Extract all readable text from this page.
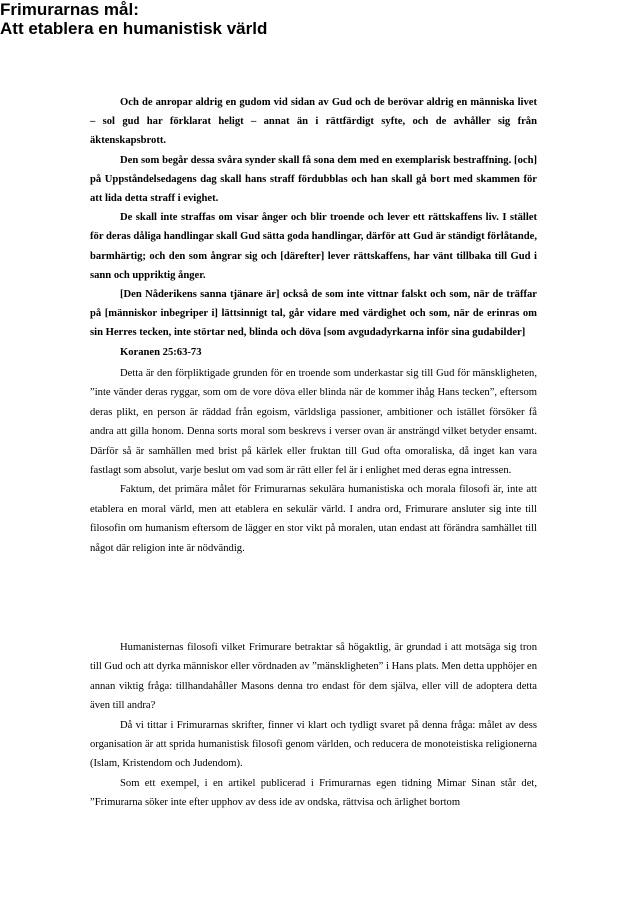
Och de anropar aldrig en gudom vid sidan av Gud och de berövar aldrig en människa livet – sol gud har förklarat heligt – annat än i rättfärdigt syfte, och de avhåller sig från äktenskapsbrott.

Den som begår dessa svåra synder skall få sona dem med en exemplarisk bestraffning. [och] på Uppståndelsedagens dag skall hans straff fördubblas och han skall gå bort med skammen för att lida detta straff i evighet.

De skall inte straffas om visar ånger och blir troende och lever ett rättskaffens liv. I stället för deras dåliga handlingar skall Gud sätta goda handlingar, därför att Gud är ständigt förlåtande, barmhärtig; och den som ångrar sig och [därefter] lever rättskaffens, har vänt tillbaka till Gud i sann och uppriktig ånger.

[Den Nåderikens sanna tjänare är] också de som inte vittnar falskt och som, när de träffar på [människor inbegriper i] lättsinnigt tal, går vidare med värdighet och som, när de erinras om sin Herres tecken, inte störtar ned, blinda och döva [som avgudadyrkarna inför sina gudabilder]

Koranen 25:63-73

Detta är den förpliktigade grunden för en troende som underkastar sig till Gud för mänskligheten, ”inte vänder deras ryggar, som om de vore döva eller blinda när de kommer ihåg Hans tecken”, eftersom deras plikt, en person är räddad från egoism, världsliga passioner, ambitioner och istället försöker få andra att gilla honom. Denna sorts moral som beskrevs i verser ovan är ansträngd vilket betyder ensamt. Därför så är samhällen med brist på kärlek eller fruktan till Gud ofta omoraliska, då inget kan vara fastlagt som absolut, varje beslut om vad som är rätt eller fel är i enlighet med deras egna intressen.

Faktum, det primära målet för Frimurarnas sekulära humanistiska och morala filosofi är, inte att etablera en moral värld, men att etablera en sekulär värld. I andra ord, Frimurare ansluter sig inte till filosofin om humanism eftersom de lägger en stor vikt på moralen, utan endast att förändra samhället till något där religion inte är nödvändig.

Frimurarnas mål:
Att etablera en humanistisk värld

Humanisternas filosofi vilket Frimurare betraktar så högaktlig, är grundad i att motsäga sig tron till Gud och att dyrka människor eller vördnaden av ”mänskligheten” i Hans plats. Men detta upphöjer en annan viktig fråga: tillhandahåller Masons denna tro endast för dem själva, eller vill de adoptera detta även till andra?

Då vi tittar i Frimurarnas skrifter, finner vi klart och tydligt svaret på denna fråga: målet av dess organisation är att sprida humanistisk filosofi genom världen, och reducera de monoteistiska religionerna (Islam, Kristendom och Judendom).

Som ett exempel, i en artikel publicerad i Frimurarnas egen tidning Mimar Sinan står det, ”Frimurarna söker inte efter upphov av dess ide av ondska, rättvisa och ärlighet bortom
